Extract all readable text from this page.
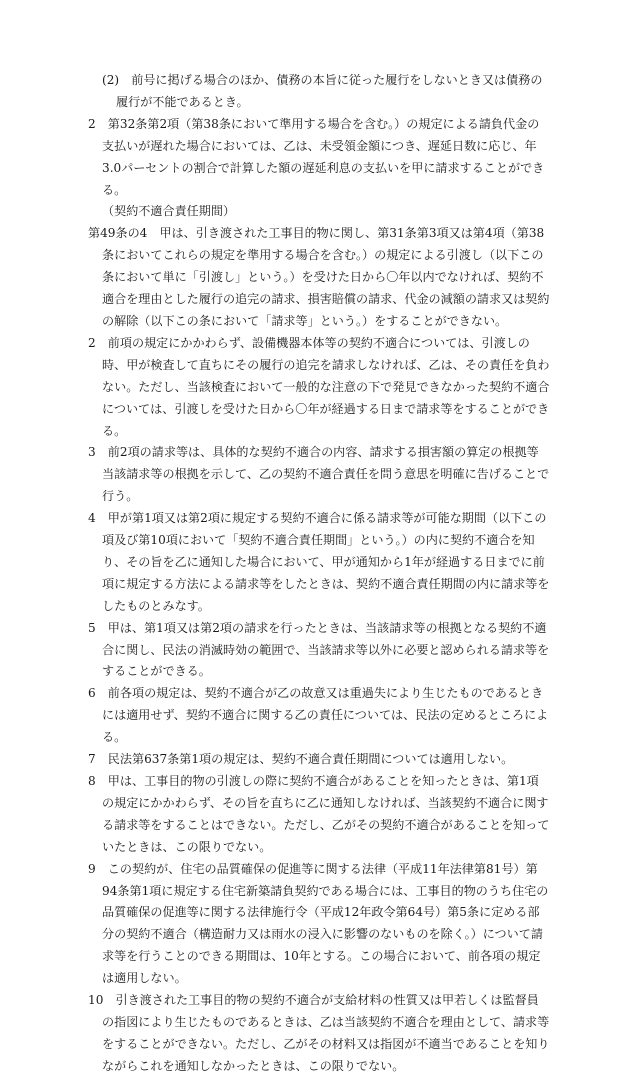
(2)　前号に掲げる場合のほか、債務の本旨に従った履行をしないとき又は債務の履行が不能であるとき。

2　第32条第2項（第38条において準用する場合を含む。）の規定による請負代金の支払いが遅れた場合においては、乙は、未受領金額につき、遅延日数に応じ、年3.0パーセントの割合で計算した額の遅延利息の支払いを甲に請求することができる。

（契約不適合責任期間）

第49条の4　甲は、引き渡された工事目的物に関し、第31条第3項又は第4項（第38条においてこれらの規定を準用する場合を含む。）の規定による引渡し（以下この条において単に「引渡し」という。）を受けた日から〇年以内でなければ、契約不適合を理由とした履行の追完の請求、損害賠償の請求、代金の減額の請求又は契約の解除（以下この条において「請求等」という。）をすることができない。

2　前項の規定にかかわらず、設備機器本体等の契約不適合については、引渡しの時、甲が検査して直ちにその履行の追完を請求しなければ、乙は、その責任を負わない。ただし、当該検査において一般的な注意の下で発見できなかった契約不適合については、引渡しを受けた日から〇年が経過する日まで請求等をすることができる。

3　前2項の請求等は、具体的な契約不適合の内容、請求する損害額の算定の根拠等当該請求等の根拠を示して、乙の契約不適合責任を問う意思を明確に告げることで行う。

4　甲が第1項又は第2項に規定する契約不適合に係る請求等が可能な期間（以下この項及び第10項において「契約不適合責任期間」という。）の内に契約不適合を知り、その旨を乙に通知した場合において、甲が通知から1年が経過する日までに前項に規定する方法による請求等をしたときは、契約不適合責任期間の内に請求等をしたものとみなす。

5　甲は、第1項又は第2項の請求を行ったときは、当該請求等の根拠となる契約不適合に関し、民法の消滅時効の範囲で、当該請求等以外に必要と認められる請求等をすることができる。

6　前各項の規定は、契約不適合が乙の故意又は重過失により生じたものであるときには適用せず、契約不適合に関する乙の責任については、民法の定めるところによる。

7　民法第637条第1項の規定は、契約不適合責任期間については適用しない。

8　甲は、工事目的物の引渡しの際に契約不適合があることを知ったときは、第1項の規定にかかわらず、その旨を直ちに乙に通知しなければ、当該契約不適合に関する請求等をすることはできない。ただし、乙がその契約不適合があることを知っていたときは、この限りでない。

9　この契約が、住宅の品質確保の促進等に関する法律（平成11年法律第81号）第94条第1項に規定する住宅新築請負契約である場合には、工事目的物のうち住宅の品質確保の促進等に関する法律施行令（平成12年政令第64号）第5条に定める部分の契約不適合（構造耐力又は雨水の浸入に影響のないものを除く。）について請求等を行うことのできる期間は、10年とする。この場合において、前各項の規定は適用しない。

10　引き渡された工事目的物の契約不適合が支給材料の性質又は甲若しくは監督員の指図により生じたものであるときは、乙は当該契約不適合を理由として、請求等をすることができない。ただし、乙がその材料又は指図が不適当であることを知りながらこれを通知しなかったときは、この限りでない。
